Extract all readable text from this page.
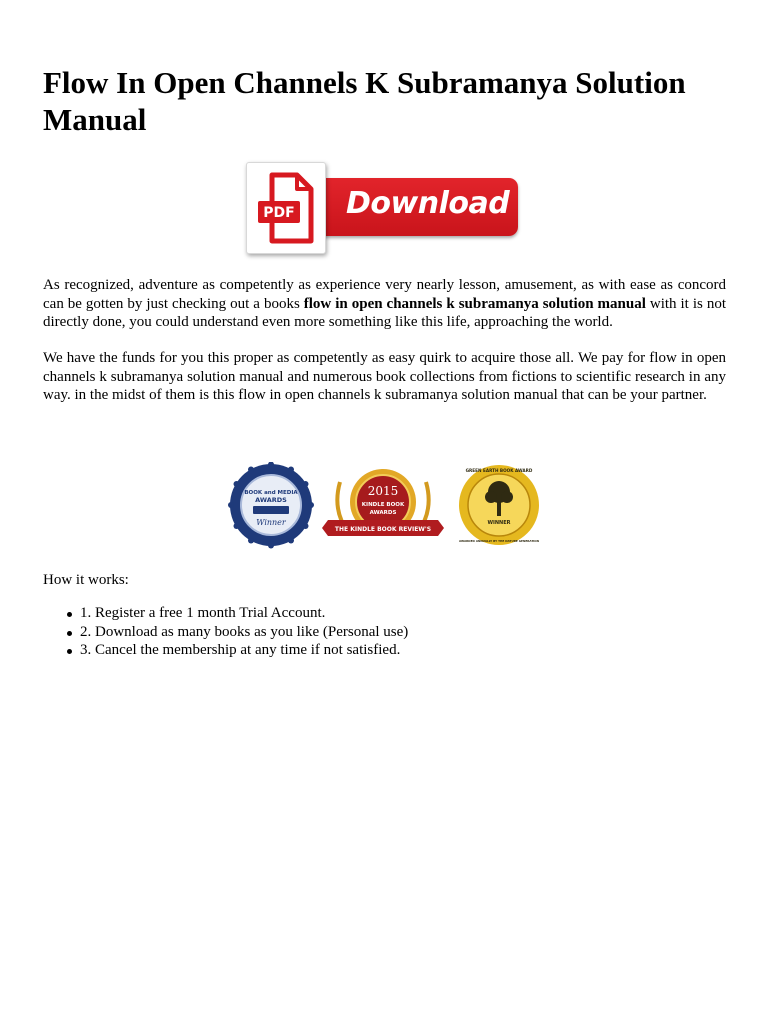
Flow In Open Channels K Subramanya Solution Manual
Download
PDF

As recognized, adventure as competently as experience very nearly lesson, amusement, as with ease as concord can be gotten by just checking out a books flow in open channels k subramanya solution manual with it is not directly done, you could understand even more something like this life, approaching the world.

We have the funds for you this proper as competently as easy quirk to acquire those all. We pay for flow in open channels k subramanya solution manual and numerous book collections from fictions to scientific research in any way. in the midst of them is this flow in open channels k subramanya solution manual that can be your partner.

BOOK and MEDIA
AWARDS
Winner
2015
KINDLE BOOK
AWARDS
THE KINDLE BOOK REVIEW'S
GREEN EARTH BOOK AWARD
WINNER
AWARDED ANNUALLY BY THE NATURE GENERATION

How it works:

1. Register a free 1 month Trial Account.
2. Download as many books as you like (Personal use)
3. Cancel the membership at any time if not satisfied.
